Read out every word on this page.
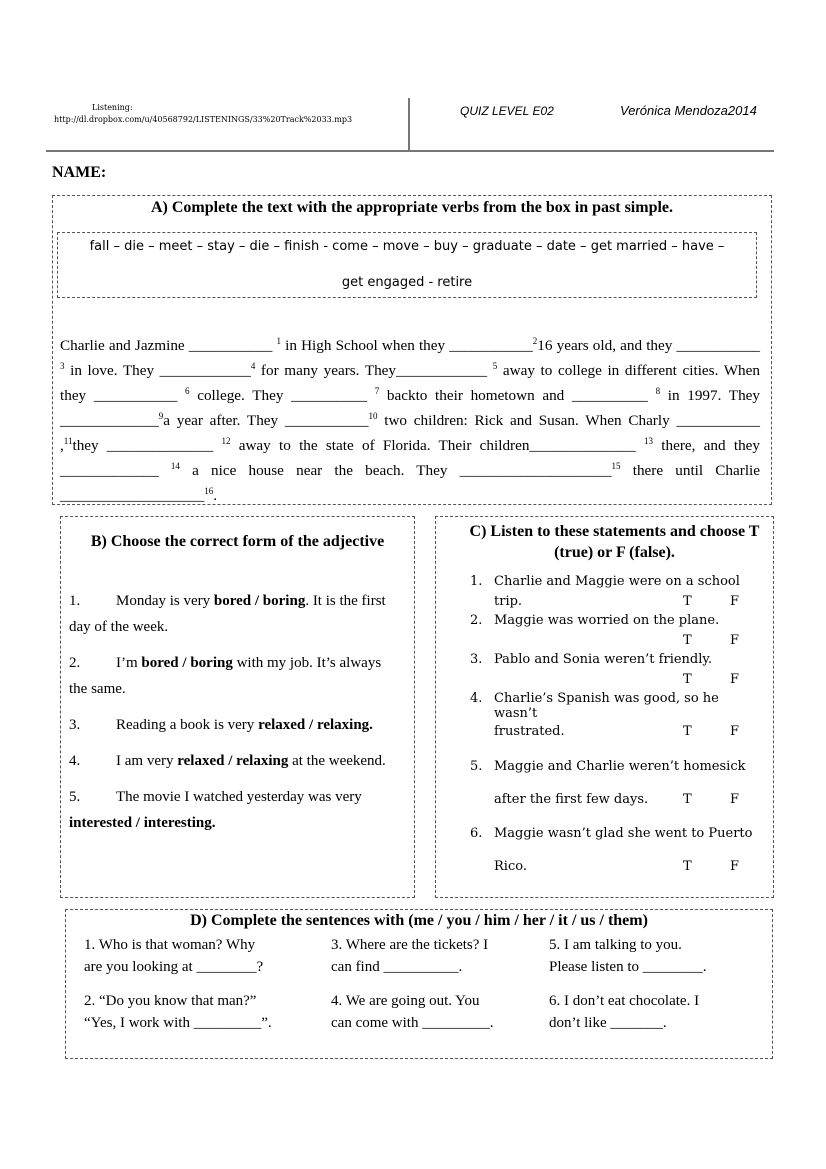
Listening:
http://dl.dropbox.com/u/40568792/LISTENINGS/33%20Track%2033.mp3
QUIZ LEVEL E02	Verónica Mendoza2014
NAME:
A) Complete the text with the appropriate verbs from the box in past simple.
fall – die – meet – stay – die – finish - come – move – buy – graduate – date – get married – have –
get engaged - retire
Charlie and Jazmine ___________ $^1$ in High School when they ___________$^2$16 years old, and they ___________ $^3$ in love. They ____________$^4$ for many years. They____________ $^5$ away to college in different cities. When they ___________ $^6$ college. They __________ $^7$ backto their hometown and __________ $^8$ in 1997. They _____________$^9$a year after. They ___________$^{10}$ two children: Rick and Susan. When Charly ___________ ,$^{11}$they ______________ $^{12}$ away to the state of Florida. Their children______________ $^{13}$ there, and they _____________ $^{14}$ a nice house near the beach. They ____________________$^{15}$ there until Charlie ___________________$^{16}$.
B) Choose the correct form of the adjective
1. Monday is very bored / boring. It is the first day of the week.
2. I’m bored / boring with my job. It’s always the same.
3. Reading a book is very relaxed / relaxing.
4. I am very relaxed / relaxing at the weekend.
5. The movie I watched yesterday was very interested / interesting.
C) Listen to these statements and choose T (true) or F (false).
1. Charlie and Maggie were on a school
trip.	T	F
2. Maggie was worried on the plane.
T	F
3. Pablo and Sonia weren’t friendly.
T	F
4. Charlie’s Spanish was good, so he wasn’t
frustrated.	T	F
5. Maggie and Charlie weren’t homesick
after the first few days.	T	F
6. Maggie wasn’t glad she went to Puerto
Rico.	T	F
D) Complete the sentences with (me / you / him / her / it / us / them)
1. Who is that woman? Why
are you looking at ________?
3. Where are the tickets? I
can find __________.
5. I am talking to you.
Please listen to ________.
2. “Do you know that man?”
“Yes, I work with _________”.
4. We are going out. You
can come with _________.
6. I don’t eat chocolate. I
don’t like _______.
